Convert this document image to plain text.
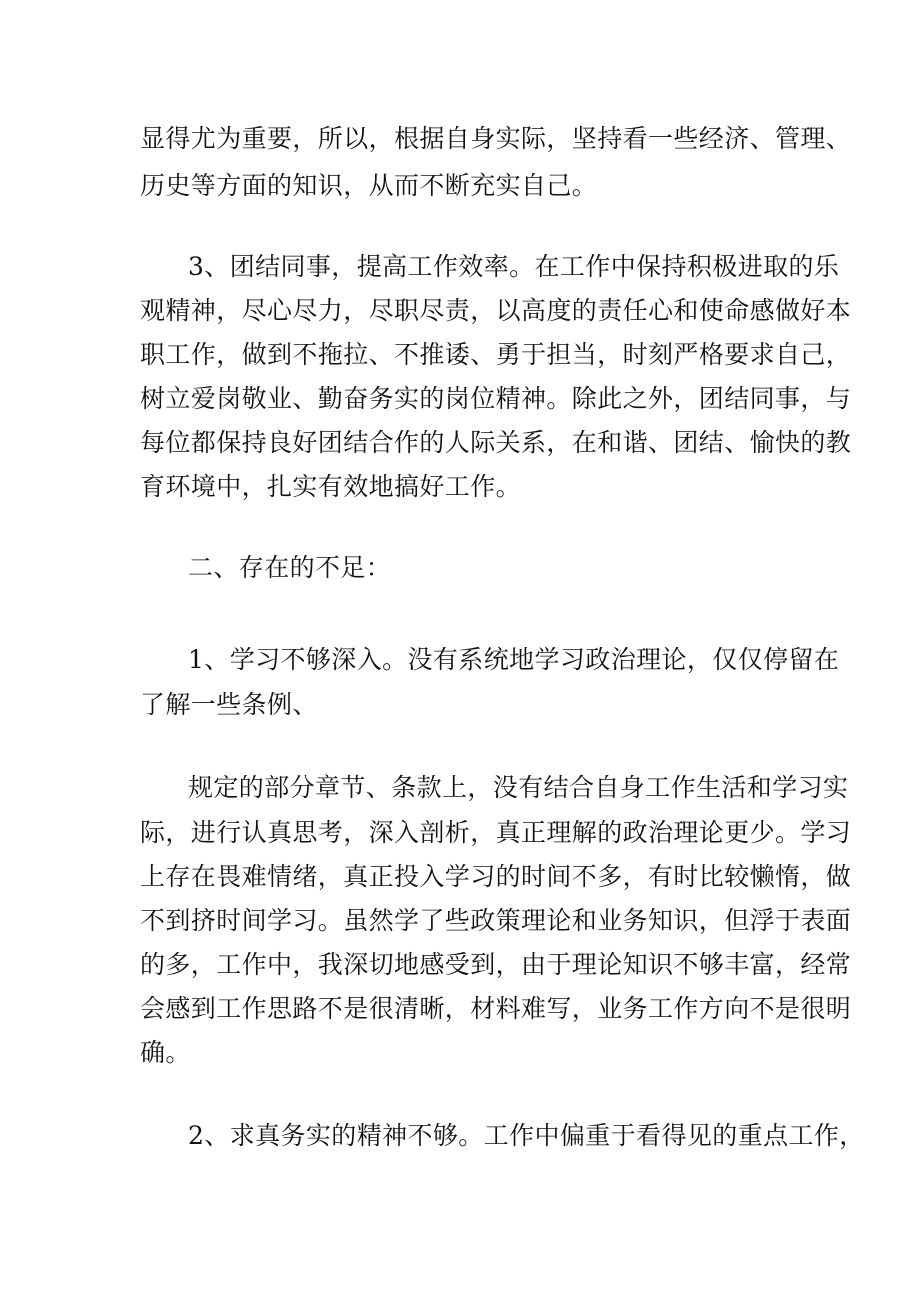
显得尤为重要，所以，根据自身实际，坚持看一些经济、管理、
历史等方面的知识，从而不断充实自己。
3、团结同事，提高工作效率。在工作中保持积极进取的乐
观精神，尽心尽力，尽职尽责，以高度的责任心和使命感做好本
职工作，做到不拖拉、不推诿、勇于担当，时刻严格要求自己，
树立爱岗敬业、勤奋务实的岗位精神。除此之外，团结同事，与
每位都保持良好团结合作的人际关系，在和谐、团结、愉快的教
育环境中，扎实有效地搞好工作。
二、存在的不足：
1、学习不够深入。没有系统地学习政治理论，仅仅停留在
了解一些条例、
规定的部分章节、条款上，没有结合自身工作生活和学习实
际，进行认真思考，深入剖析，真正理解的政治理论更少。学习
上存在畏难情绪，真正投入学习的时间不多，有时比较懒惰，做
不到挤时间学习。虽然学了些政策理论和业务知识，但浮于表面
的多，工作中，我深切地感受到，由于理论知识不够丰富，经常
会感到工作思路不是很清晰，材料难写，业务工作方向不是很明
确。
2、求真务实的精神不够。工作中偏重于看得见的重点工作，
